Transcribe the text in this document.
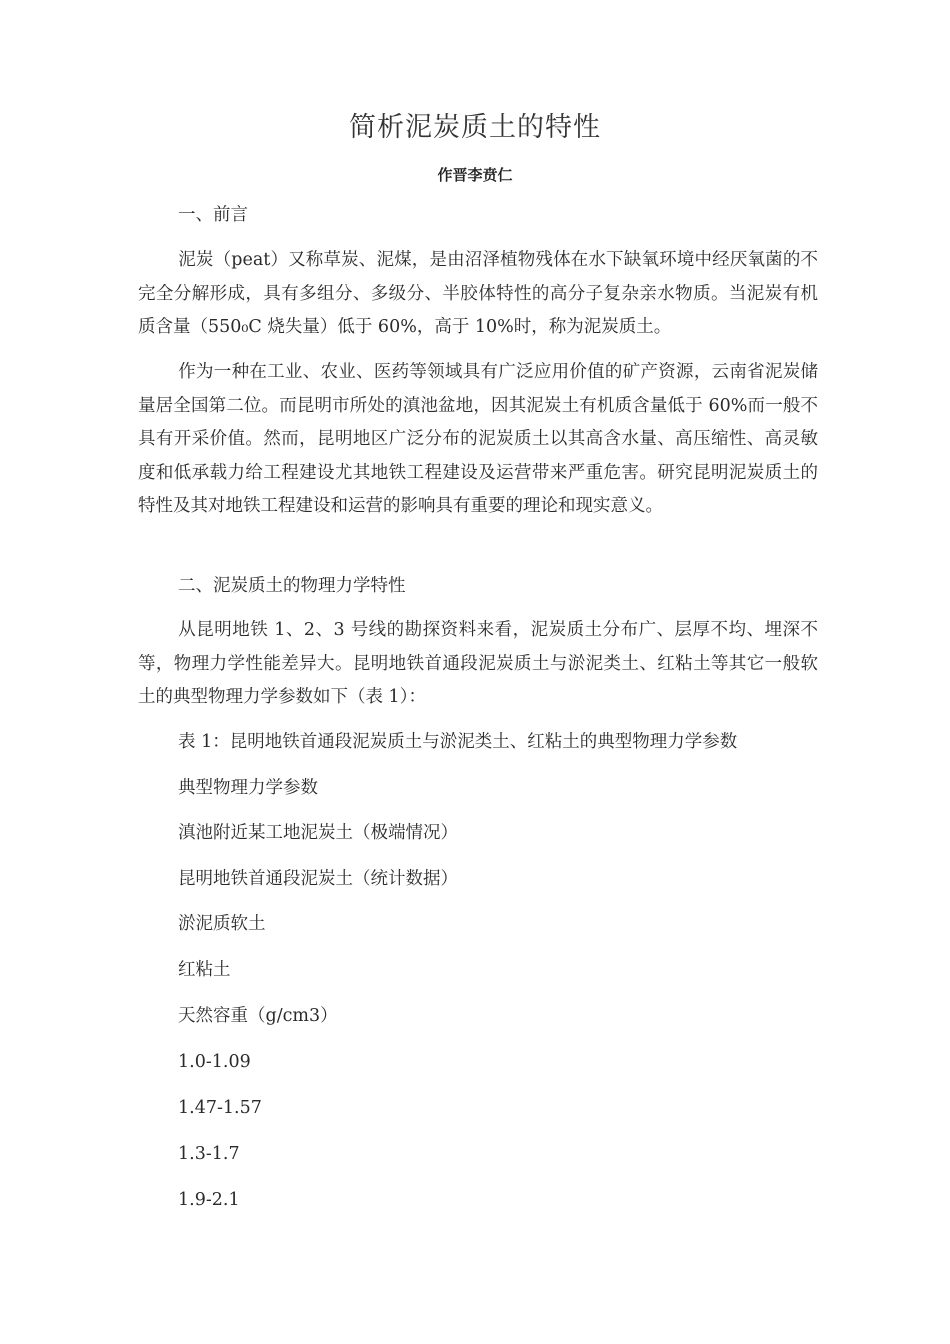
简析泥炭质土的特性
作晋李贲仁
一、前言

泥炭（peat）又称草炭、泥煤，是由沼泽植物残体在水下缺氧环境中经厌氧菌的不完全分解形成，具有多组分、多级分、半胶体特性的高分子复杂亲水物质。当泥炭有机质含量（550₀C 烧失量）低于 60%，高于 10%时，称为泥炭质土。

作为一种在工业、农业、医药等领域具有广泛应用价值的矿产资源，云南省泥炭储量居全国第二位。而昆明市所处的滇池盆地，因其泥炭土有机质含量低于 60%而一般不具有开采价值。然而，昆明地区广泛分布的泥炭质土以其高含水量、高压缩性、高灵敏度和低承载力给工程建设尤其地铁工程建设及运营带来严重危害。研究昆明泥炭质土的特性及其对地铁工程建设和运营的影响具有重要的理论和现实意义。

二、泥炭质土的物理力学特性

从昆明地铁 1、2、3 号线的勘探资料来看，泥炭质土分布广、层厚不均、埋深不等，物理力学性能差异大。昆明地铁首通段泥炭质土与淤泥类土、红粘土等其它一般软土的典型物理力学参数如下（表 1）：

表 1：昆明地铁首通段泥炭质土与淤泥类土、红粘土的典型物理力学参数
典型物理力学参数
滇池附近某工地泥炭土（极端情况）
昆明地铁首通段泥炭土（统计数据）
淤泥质软土
红粘土
天然容重（g/cm3）
1.0-1.09
1.47-1.57
1.3-1.7
1.9-2.1
